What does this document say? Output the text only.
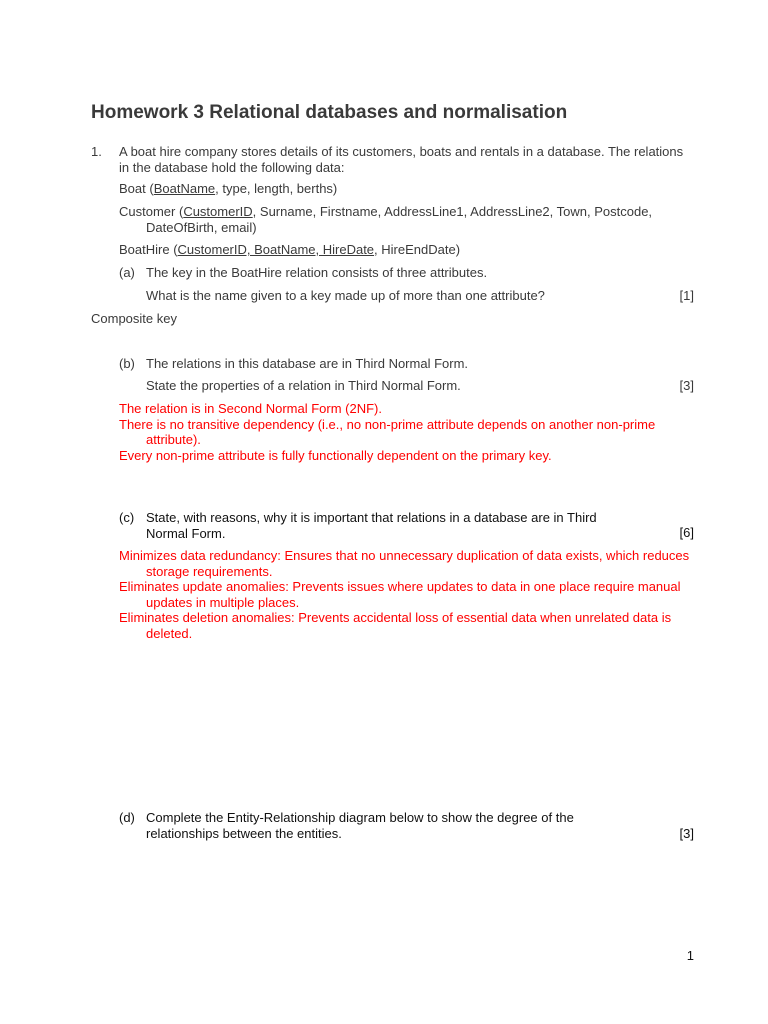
Homework 3 Relational databases and normalisation
1. A boat hire company stores details of its customers, boats and rentals in a database. The relations in the database hold the following data:
Boat (BoatName, type, length, berths)
Customer (CustomerID, Surname, Firstname, AddressLine1, AddressLine2, Town, Postcode, DateOfBirth, email)
BoatHire (CustomerID, BoatName, HireDate, HireEndDate)
(a) The key in the BoatHire relation consists of three attributes.
What is the name given to a key made up of more than one attribute?	[1]
Composite key
(b) The relations in this database are in Third Normal Form.
State the properties of a relation in Third Normal Form.	[3]
The relation is in Second Normal Form (2NF).
There is no transitive dependency (i.e., no non-prime attribute depends on another non-prime attribute).
Every non-prime attribute is fully functionally dependent on the primary key.
(c) State, with reasons, why it is important that relations in a database are in Third Normal Form.	[6]
Minimizes data redundancy: Ensures that no unnecessary duplication of data exists, which reduces storage requirements.
Eliminates update anomalies: Prevents issues where updates to data in one place require manual updates in multiple places.
Eliminates deletion anomalies: Prevents accidental loss of essential data when unrelated data is deleted.
(d) Complete the Entity-Relationship diagram below to show the degree of the relationships between the entities.	[3]
1
